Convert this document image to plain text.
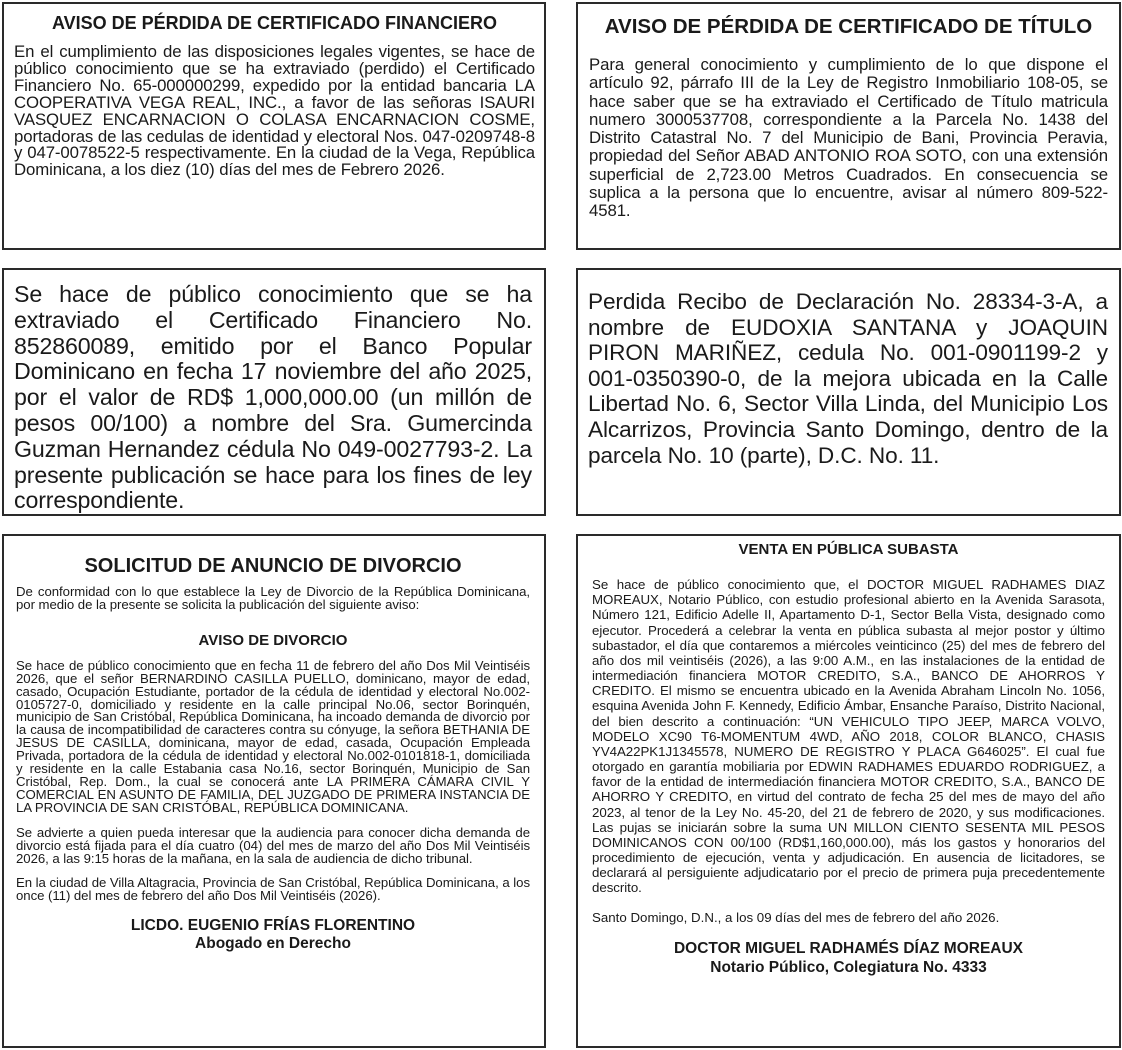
AVISO DE PÉRDIDA DE CERTIFICADO FINANCIERO

En el cumplimiento de las disposiciones legales vigentes, se hace de público conocimiento que se ha extraviado (perdido) el Certificado Financiero No. 65-000000299, expedido por la entidad bancaria LA COOPERATIVA VEGA REAL, INC., a favor de las señoras ISAURI VASQUEZ ENCARNACION O COLASA ENCARNACION COSME, portadoras de las cedulas de identidad y electoral Nos. 047-0209748-8 y 047-0078522-5 respectivamente. En la ciudad de la Vega, República Dominicana, a los diez (10) días del mes de Febrero 2026.

AVISO DE PÉRDIDA DE CERTIFICADO DE TÍTULO

Para general conocimiento y cumplimiento de lo que dispone el artículo 92, párrafo III de la Ley de Registro Inmobiliario 108-05, se hace saber que se ha extraviado el Certificado de Título matricula numero 3000537708, correspondiente a la Parcela No. 1438 del Distrito Catastral No. 7 del Municipio de Bani, Provincia Peravia, propiedad del Señor ABAD ANTONIO ROA SOTO, con una extensión superficial de 2,723.00 Metros Cuadrados. En consecuencia se suplica a la persona que lo encuentre, avisar al número 809-522-4581.

Se hace de público conocimiento que se ha extraviado el Certificado Financiero No. 852860089, emitido por el Banco Popular Dominicano en fecha 17 noviembre del año 2025, por el valor de RD$ 1,000,000.00 (un millón de pesos 00/100) a nombre del Sra. Gumercinda Guzman Hernandez cédula No 049-0027793-2. La presente publicación se hace para los fines de ley correspondiente.

Perdida Recibo de Declaración No. 28334-3-A, a nombre de EUDOXIA SANTANA y JOAQUIN PIRON MARIÑEZ, cedula No. 001-0901199-2 y 001-0350390-0, de la mejora ubicada en la Calle Libertad No. 6, Sector Villa Linda, del Municipio Los Alcarrizos, Provincia Santo Domingo, dentro de la parcela No. 10 (parte), D.C. No. 11.

SOLICITUD DE ANUNCIO DE DIVORCIO

De conformidad con lo que establece la Ley de Divorcio de la República Dominicana, por medio de la presente se solicita la publicación del siguiente aviso:

AVISO DE DIVORCIO

Se hace de público conocimiento que en fecha 11 de febrero del año Dos Mil Veintiséis 2026, que el señor BERNARDINO CASILLA PUELLO, dominicano, mayor de edad, casado, Ocupación Estudiante, portador de la cédula de identidad y electoral No.002-0105727-0, domiciliado y residente en la calle principal No.06, sector Borinquén, municipio de San Cristóbal, República Dominicana, ha incoado demanda de divorcio por la causa de incompatibilidad de caracteres contra su cónyuge, la señora BETHANIA DE JESUS DE CASILLA, dominicana, mayor de edad, casada, Ocupación Empleada Privada, portadora de la cédula de identidad y electoral No.002-0101818-1, domiciliada y residente en la calle Estabania casa No.16, sector Borinquén, Municipio de San Cristóbal, Rep. Dom., la cual se conocerá ante LA PRIMERA CÁMARA CIVIL Y COMERCIAL EN ASUNTO DE FAMILIA, DEL JUZGADO DE PRIMERA INSTANCIA DE LA PROVINCIA DE SAN CRISTÓBAL, REPÚBLICA DOMINICANA.

Se advierte a quien pueda interesar que la audiencia para conocer dicha demanda de divorcio está fijada para el día cuatro (04) del mes de marzo del año Dos Mil Veintiséis 2026, a las 9:15 horas de la mañana, en la sala de audiencia de dicho tribunal.

En la ciudad de Villa Altagracia, Provincia de San Cristóbal, República Dominicana, a los once (11) del mes de febrero del año Dos Mil Veintiséis (2026).

LICDO. EUGENIO FRÍAS FLORENTINO
Abogado en Derecho
VENTA EN PÚBLICA SUBASTA

Se hace de público conocimiento que, el DOCTOR MIGUEL RADHAMES DIAZ MOREAUX, Notario Público, con estudio profesional abierto en la Avenida Sarasota, Número 121, Edificio Adelle II, Apartamento D-1, Sector Bella Vista, designado como ejecutor. Procederá a celebrar la venta en pública subasta al mejor postor y último subastador, el día que contaremos a miércoles veinticinco (25) del mes de febrero del año dos mil veintiséis (2026), a las 9:00 A.M., en las instalaciones de la entidad de intermediación financiera MOTOR CREDITO, S.A., BANCO DE AHORROS Y CREDITO. El mismo se encuentra ubicado en la Avenida Abraham Lincoln No. 1056, esquina Avenida John F. Kennedy, Edificio Ámbar, Ensanche Paraíso, Distrito Nacional, del bien descrito a continuación: “UN VEHICULO TIPO JEEP, MARCA VOLVO, MODELO XC90 T6-MOMENTUM 4WD, AÑO 2018, COLOR BLANCO, CHASIS YV4A22PK1J1345578, NUMERO DE REGISTRO Y PLACA G646025”. El cual fue otorgado en garantía mobiliaria por EDWIN RADHAMES EDUARDO RODRIGUEZ, a favor de la entidad de intermediación financiera MOTOR CREDITO, S.A., BANCO DE AHORRO Y CREDITO, en virtud del contrato de fecha 25 del mes de mayo del año 2023, al tenor de la Ley No. 45-20, del 21 de febrero de 2020, y sus modificaciones. Las pujas se iniciarán sobre la suma UN MILLON CIENTO SESENTA MIL PESOS DOMINICANOS CON 00/100 (RD$1,160,000.00), más los gastos y honorarios del procedimiento de ejecución, venta y adjudicación. En ausencia de licitadores, se declarará al persiguiente adjudicatario por el precio de primera puja precedentemente descrito.

Santo Domingo, D.N., a los 09 días del mes de febrero del año 2026.

DOCTOR MIGUEL RADHAMÉS DÍAZ MOREAUX
Notario Público, Colegiatura No. 4333
